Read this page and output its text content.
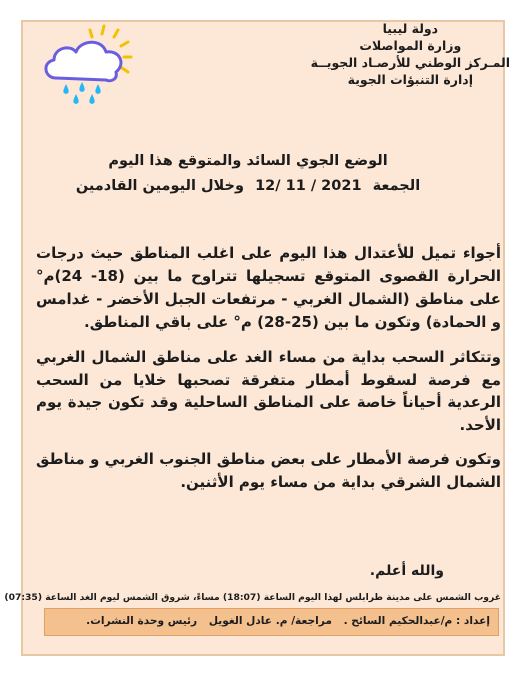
دولة ليبيا
وزارة المواصلات
المـركز الوطني للأرصـاد الجويــة
إدارة التنبؤات الجوية
الوضع الجوي السائد والمتوقع هذا اليوم
الجمعة 12/ 11 / 2021 وخلال اليومين القادمين

أجواء تميل للأعتدال هذا اليوم على اغلب المناطق حيث درجات الحرارة القصوى المتوقع تسجيلها تتراوح ما بين (18- 24)م° على مناطق (الشمال الغربي - مرتفعات الجبل الأخضر - غدامس و الحمادة) وتكون ما بين (25-28) م° على باقي المناطق.

وتتكاثر السحب بداية من مساء الغد على مناطق الشمال الغربي مع فرصة لسقوط أمطار متفرقة تصحبها خلايا من السحب الرعدية أحياناً خاصة على المناطق الساحلية وقد تكون جيدة يوم الأحد.

وتكون فرصة الأمطار على بعض مناطق الجنوب الغربي و مناطق الشمال الشرقي بداية من مساء يوم الأثنين.

والله أعلم.
غروب الشمس على مدينة طرابلس لهذا اليوم الساعة (18:07) مساءً، شروق الشمس ليوم الغد الساعة (07:35)
إعداد : م/عبدالحكيم السائح . مراجعة/ م. عادل الغويل رئيس وحدة النشرات.
